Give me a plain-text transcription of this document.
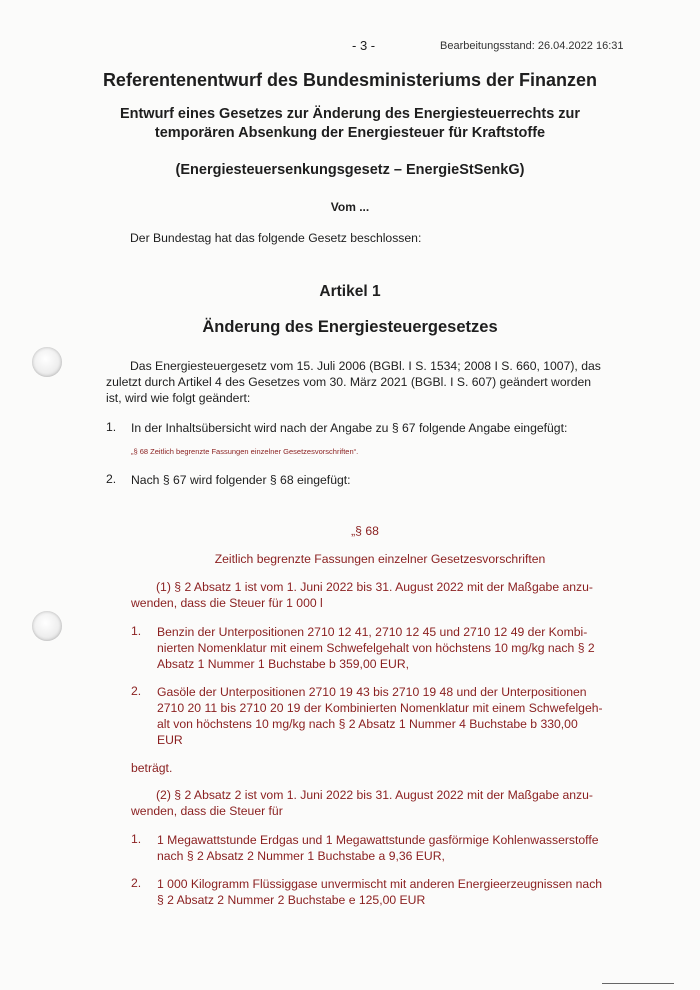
- 3 -	Bearbeitungsstand: 26.04.2022 16:31
Referentenentwurf des Bundesministeriums der Finanzen
Entwurf eines Gesetzes zur Änderung des Energiesteuerrechts zur
temporären Absenkung der Energiesteuer für Kraftstoffe
(Energiesteuersenkungsgesetz – EnergieStSenkG)
Vom ...
Der Bundestag hat das folgende Gesetz beschlossen:
Artikel 1
Änderung des Energiesteuergesetzes
Das Energiesteuergesetz vom 15. Juli 2006 (BGBl. I S. 1534; 2008 I S. 660, 1007), das
zuletzt durch Artikel 4 des Gesetzes vom 30. März 2021 (BGBl. I S. 607) geändert worden
ist, wird wie folgt geändert:
1. In der Inhaltsübersicht wird nach der Angabe zu § 67 folgende Angabe eingefügt:
„§ 68 Zeitlich begrenzte Fassungen einzelner Gesetzesvorschriften“.
2. Nach § 67 wird folgender § 68 eingefügt:
„§ 68
Zeitlich begrenzte Fassungen einzelner Gesetzesvorschriften
(1) § 2 Absatz 1 ist vom 1. Juni 2022 bis 31. August 2022 mit der Maßgabe anzu-
wenden, dass die Steuer für 1 000 l
1. Benzin der Unterpositionen 2710 12 41, 2710 12 45 und 2710 12 49 der Kombi-
nierten Nomenklatur mit einem Schwefelgehalt von höchstens 10 mg/kg nach § 2
Absatz 1 Nummer 1 Buchstabe b 359,00 EUR,
2. Gasöle der Unterpositionen 2710 19 43 bis 2710 19 48 und der Unterpositionen
2710 20 11 bis 2710 20 19 der Kombinierten Nomenklatur mit einem Schwefelgeh-
alt von höchstens 10 mg/kg nach § 2 Absatz 1 Nummer 4 Buchstabe b 330,00
EUR
beträgt.
(2) § 2 Absatz 2 ist vom 1. Juni 2022 bis 31. August 2022 mit der Maßgabe anzu-
wenden, dass die Steuer für
1. 1 Megawattstunde Erdgas und 1 Megawattstunde gasförmige Kohlenwasserstoffe
nach § 2 Absatz 2 Nummer 1 Buchstabe a 9,36 EUR,
2. 1 000 Kilogramm Flüssiggase unvermischt mit anderen Energieerzeugnissen nach
§ 2 Absatz 2 Nummer 2 Buchstabe e 125,00 EUR
